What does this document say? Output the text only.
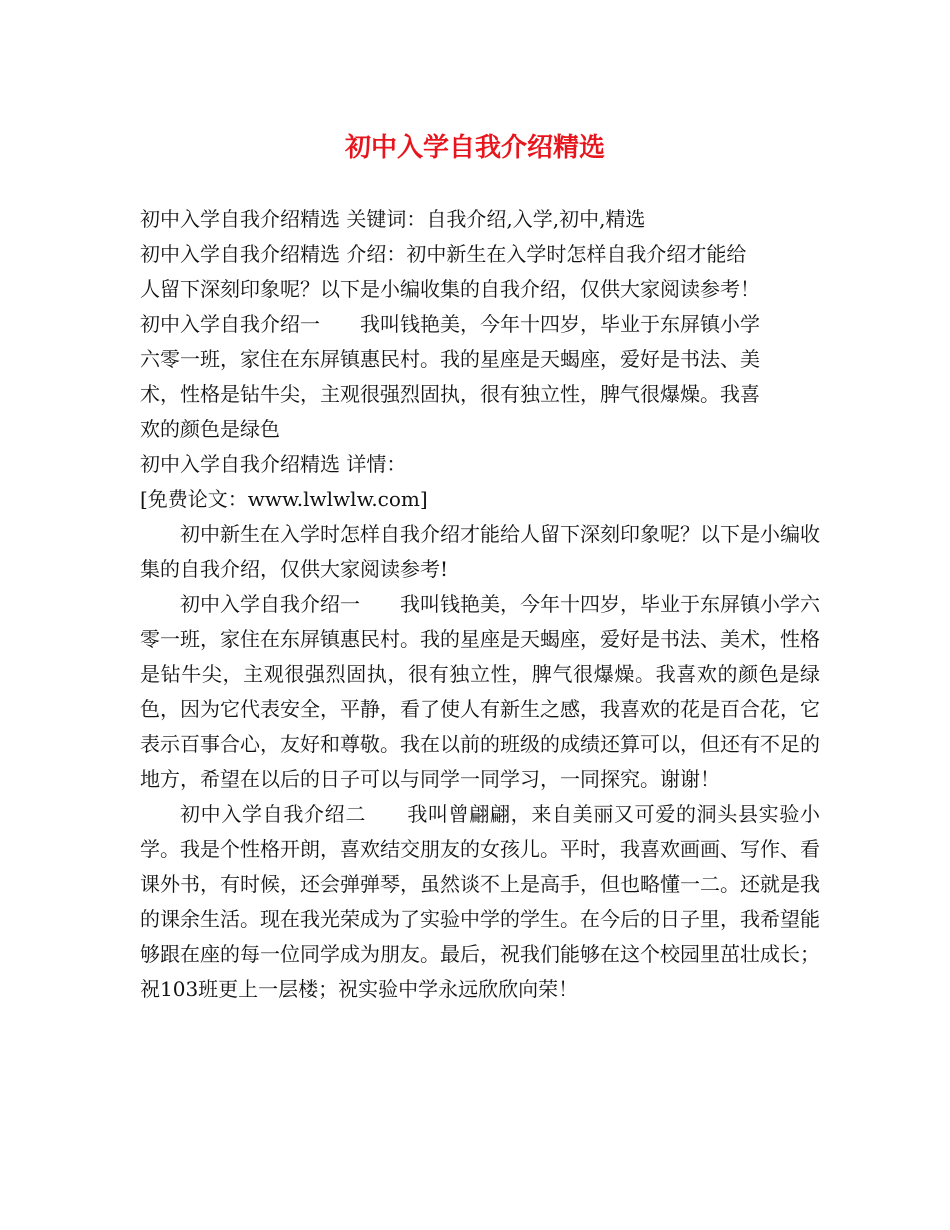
初中入学自我介绍精选
初中入学自我介绍精选 关键词：自我介绍,入学,初中,精选
初中入学自我介绍精选 介绍：初中新生在入学时怎样自我介绍才能给
人留下深刻印象呢？以下是小编收集的自我介绍，仅供大家阅读参考！
初中入学自我介绍一　　我叫钱艳美，今年十四岁，毕业于东屏镇小学
六零一班，家住在东屏镇惠民村。我的星座是天蝎座，爱好是书法、美
术，性格是钻牛尖，主观很强烈固执，很有独立性，脾气很爆燥。我喜
欢的颜色是绿色
初中入学自我介绍精选 详情：
[免费论文：www.lwlwlw.com]
初中新生在入学时怎样自我介绍才能给人留下深刻印象呢？以下是小编收集的自我介绍，仅供大家阅读参考!
初中入学自我介绍一　　我叫钱艳美，今年十四岁，毕业于东屏镇小学六零一班，家住在东屏镇惠民村。我的星座是天蝎座，爱好是书法、美术，性格是钻牛尖，主观很强烈固执，很有独立性，脾气很爆燥。我喜欢的颜色是绿色，因为它代表安全，平静，看了使人有新生之感，我喜欢的花是百合花，它表示百事合心，友好和尊敬。我在以前的班级的成绩还算可以，但还有不足的地方，希望在以后的日子可以与同学一同学习，一同探究。谢谢！
初中入学自我介绍二　　我叫曾翩翩，来自美丽又可爱的洞头县实验小学。我是个性格开朗，喜欢结交朋友的女孩儿。平时，我喜欢画画、写作、看课外书，有时候，还会弹弹琴，虽然谈不上是高手，但也略懂一二。还就是我的课余生活。现在我光荣成为了实验中学的学生。在今后的日子里，我希望能够跟在座的每一位同学成为朋友。最后，祝我们能够在这个校园里茁壮成长；祝103班更上一层楼；祝实验中学永远欣欣向荣！
